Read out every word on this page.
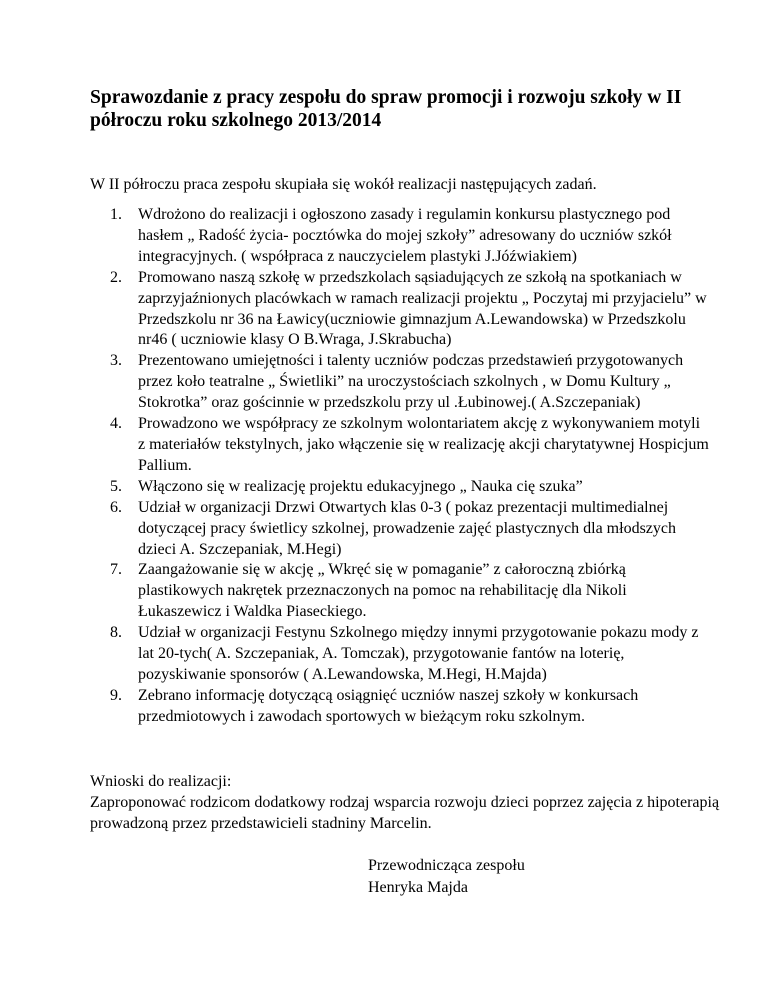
Sprawozdanie z pracy zespołu do spraw promocji i rozwoju szkoły w II półroczu roku szkolnego 2013/2014

W II półroczu praca zespołu skupiała się wokół realizacji następujących zadań.

1. Wdrożono do realizacji i ogłoszono zasady i regulamin konkursu plastycznego pod hasłem „ Radość życia- pocztówka do mojej szkoły” adresowany do uczniów szkół integracyjnych. ( współpraca z nauczycielem plastyki J.Jóźwiakiem)
2. Promowano naszą szkołę w przedszkolach sąsiadujących ze szkołą na spotkaniach w zaprzyjaźnionych placówkach w ramach realizacji projektu „ Poczytaj mi przyjacielu” w Przedszkolu nr 36 na Ławicy(uczniowie gimnazjum A.Lewandowska) w Przedszkolu nr46 ( uczniowie klasy O B.Wraga, J.Skrabucha)
3. Prezentowano umiejętności i talenty uczniów podczas przedstawień przygotowanych przez koło teatralne „ Świetliki” na uroczystościach szkolnych , w Domu Kultury „ Stokrotka” oraz gościnnie w przedszkolu przy ul .Łubinowej.( A.Szczepaniak)
4. Prowadzono we współpracy ze szkolnym wolontariatem akcję z wykonywaniem motyli z materiałów tekstylnych, jako włączenie się w realizację akcji charytatywnej Hospicjum Pallium.
5. Włączono się w realizację projektu edukacyjnego „ Nauka cię szuka”
6. Udział w organizacji Drzwi Otwartych klas 0-3 ( pokaz prezentacji multimedialnej dotyczącej pracy świetlicy szkolnej, prowadzenie zajęć plastycznych dla młodszych dzieci A. Szczepaniak, M.Hegi)
7. Zaangażowanie się w akcję „ Wkręć się w pomaganie” z całoroczną zbiórką plastikowych nakrętek przeznaczonych na pomoc na rehabilitację dla Nikoli Łukaszewicz i Waldka Piaseckiego.
8. Udział w organizacji Festynu Szkolnego między innymi przygotowanie pokazu mody z lat 20-tych( A. Szczepaniak, A. Tomczak), przygotowanie fantów na loterię, pozyskiwanie sponsorów ( A.Lewandowska, M.Hegi, H.Majda)
9. Zebrano informację dotyczącą osiągnięć uczniów naszej szkoły w konkursach przedmiotowych i zawodach sportowych w bieżącym roku szkolnym.

Wnioski do realizacji:

Zaproponować rodzicom dodatkowy rodzaj wsparcia rozwoju dzieci poprzez zajęcia z hipoterapią prowadzoną przez przedstawicieli stadniny Marcelin.

Przewodnicząca zespołu

Henryka Majda
